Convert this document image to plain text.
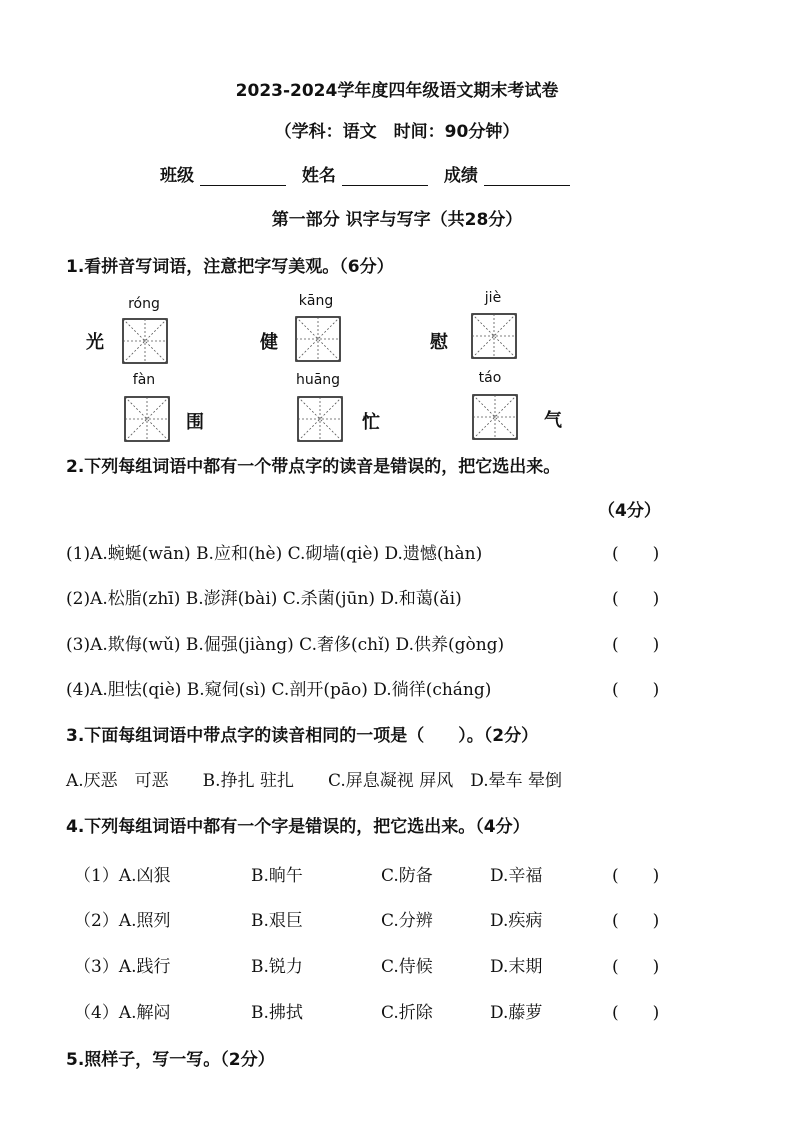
2023-2024学年度四年级语文期末考试卷
（学科：语文　时间：90分钟）
班级	姓名	成绩
第一部分 识字与写字（共28分）
1.看拼音写词语，注意把字写美观。（6分）
róng
光
kāng
健
jiè
慰
fàn
围
huāng
忙
táo
气
2.下列每组词语中都有一个带点字的读音是错误的，把它选出来。
（4分）
(1)A.蜿蜒(wān) B.应和(hè) C.砌墙(qiè) D.遗憾(hàn)	(　　)
(2)A.松脂(zhī) B.澎湃(bài) C.杀菌(jūn) D.和蔼(ǎi)	(　　)
(3)A.欺侮(wǔ) B.倔强(jiàng) C.奢侈(chǐ) D.供养(gòng)	(　　)
(4)A.胆怯(qiè) B.窥伺(sì) C.剖开(pāo) D.徜徉(cháng)	(　　)
3.下面每组词语中带点字的读音相同的一项是（　　）。（2分）
A.厌恶　可恶　　B.挣扎 驻扎　　C.屏息凝视 屏风　D.晕车 晕倒
4.下列每组词语中都有一个字是错误的，把它选出来。（4分）
（1）A.凶狠	B.晌午	C.防备	D.辛福	(　　)
（2）A.照列	B.艰巨	C.分辨	D.疾病	(　　)
（3）A.践行	B.锐力	C.侍候	D.末期	(　　)
（4）A.解闷	B.拂拭	C.折除	D.藤萝	(　　)
5.照样子，写一写。（2分）
